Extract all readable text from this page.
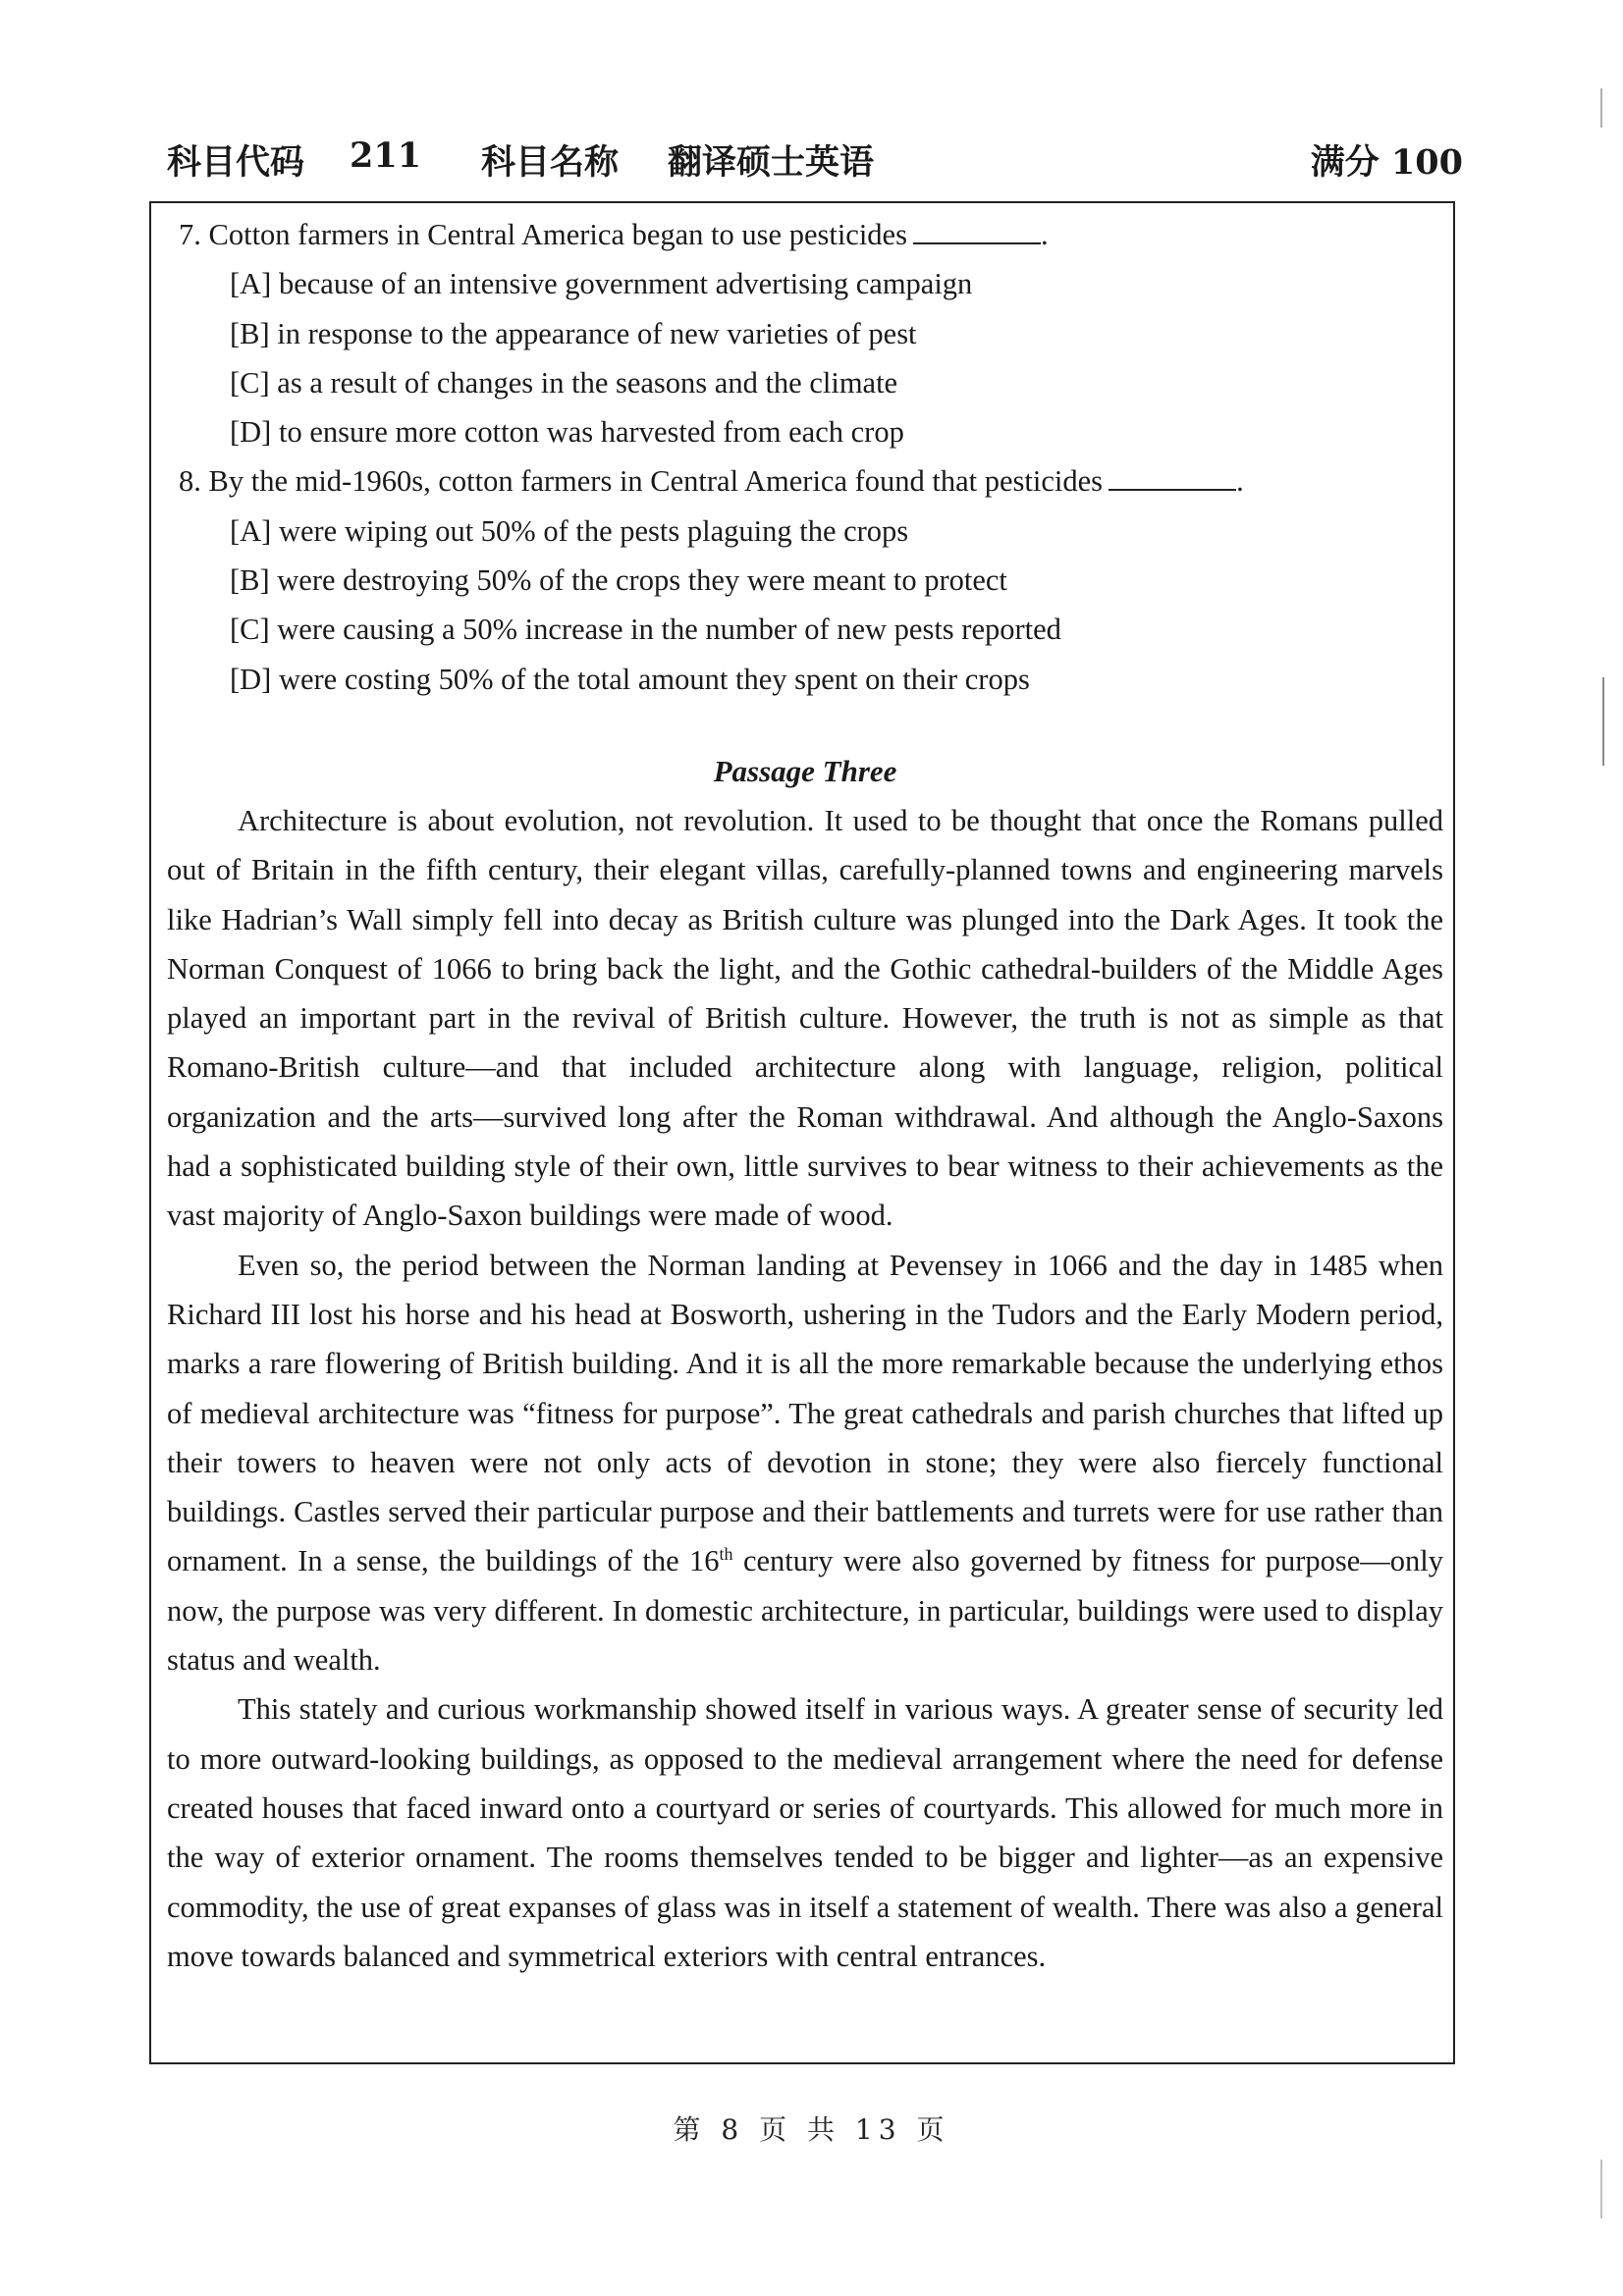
科目代码 211 科目名称 翻译硕士英语	满分 100

7. Cotton farmers in Central America began to use pesticides	.

[A] because of an intensive government advertising campaign

[B] in response to the appearance of new varieties of pest

[C] as a result of changes in the seasons and the climate

[D] to ensure more cotton was harvested from each crop

8. By the mid-1960s, cotton farmers in Central America found that pesticides	.

[A] were wiping out 50% of the pests plaguing the crops

[B] were destroying 50% of the crops they were meant to protect

[C] were causing a 50% increase in the number of new pests reported

[D] were costing 50% of the total amount they spent on their crops

Passage Three

Architecture is about evolution, not revolution. It used to be thought that once the Romans pulled out of Britain in the fifth century, their elegant villas, carefully-planned towns and engineering marvels like Hadrian’s Wall simply fell into decay as British culture was plunged into the Dark Ages. It took the Norman Conquest of 1066 to bring back the light, and the Gothic cathedral-builders of the Middle Ages played an important part in the revival of British culture. However, the truth is not as simple as that Romano-British culture—and that included architecture along with language, religion, political organization and the arts—survived long after the Roman withdrawal. And although the Anglo-Saxons had a sophisticated building style of their own, little survives to bear witness to their achievements as the vast majority of Anglo-Saxon buildings were made of wood.

Even so, the period between the Norman landing at Pevensey in 1066 and the day in 1485 when Richard III lost his horse and his head at Bosworth, ushering in the Tudors and the Early Modern period, marks a rare flowering of British building. And it is all the more remarkable because the underlying ethos of medieval architecture was “fitness for purpose”. The great cathedrals and parish churches that lifted up their towers to heaven were not only acts of devotion in stone; they were also fiercely functional buildings. Castles served their particular purpose and their battlements and turrets were for use rather than ornament. In a sense, the buildings of the 16th century were also governed by fitness for purpose—only now, the purpose was very different. In domestic architecture, in particular, buildings were used to display status and wealth.

This stately and curious workmanship showed itself in various ways. A greater sense of security led to more outward-looking buildings, as opposed to the medieval arrangement where the need for defense created houses that faced inward onto a courtyard or series of courtyards. This allowed for much more in the way of exterior ornament. The rooms themselves tended to be bigger and lighter—as an expensive commodity, the use of great expanses of glass was in itself a statement of wealth. There was also a general move towards balanced and symmetrical exteriors with central entrances.

第 8 页 共 13 页
